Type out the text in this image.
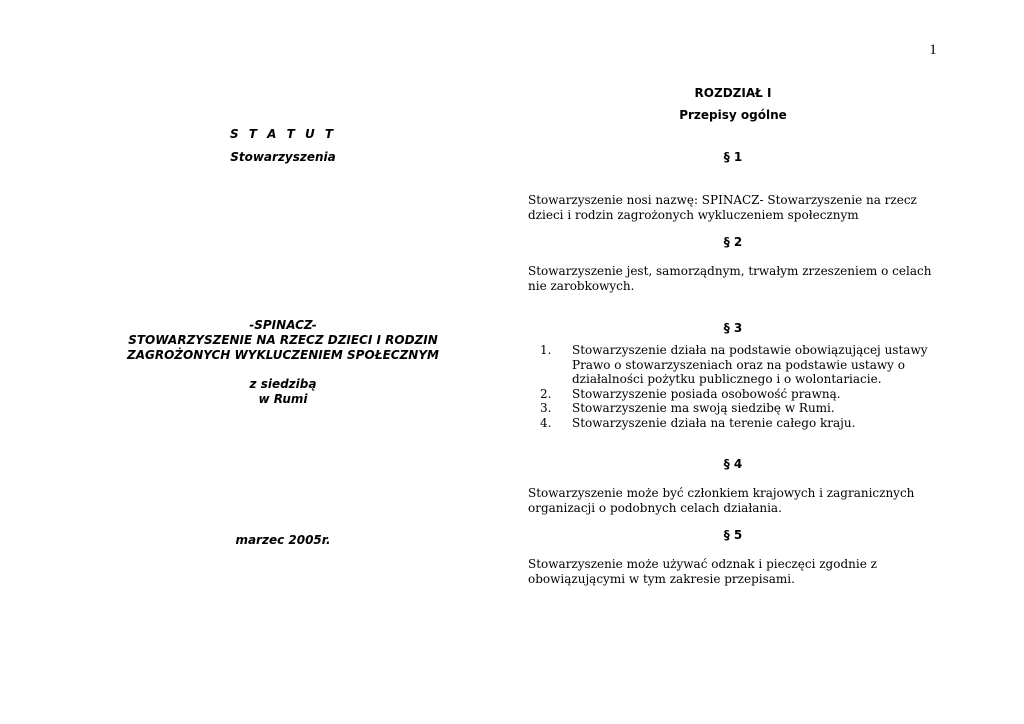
1
S T A T U T
Stowarzyszenia
-SPINACZ-
STOWARZYSZENIE NA RZECZ DZIECI I RODZIN
ZAGROŻONYCH WYKLUCZENIEM SPOŁECZNYM
z siedzibą
w Rumi
marzec 2005r.
ROZDZIAŁ I
Przepisy ogólne
§ 1
Stowarzyszenie nosi nazwę: SPINACZ- Stowarzyszenie na rzecz
dzieci i rodzin zagrożonych wykluczeniem społecznym
§ 2
Stowarzyszenie jest, samorządnym, trwałym zrzeszeniem o celach
nie zarobkowych.
§ 3
1.	Stowarzyszenie działa na podstawie obowiązującej ustawy
Prawo o stowarzyszeniach oraz na podstawie ustawy o
działalności pożytku publicznego i o wolontariacie.
2.	Stowarzyszenie posiada osobowość prawną.
3.	Stowarzyszenie ma swoją siedzibę w Rumi.
4.	Stowarzyszenie działa na terenie całego kraju.
§ 4
Stowarzyszenie może być członkiem krajowych i zagranicznych
organizacji o podobnych celach działania.
§ 5
Stowarzyszenie może używać odznak i pieczęci zgodnie z
obowiązującymi w tym zakresie przepisami.
